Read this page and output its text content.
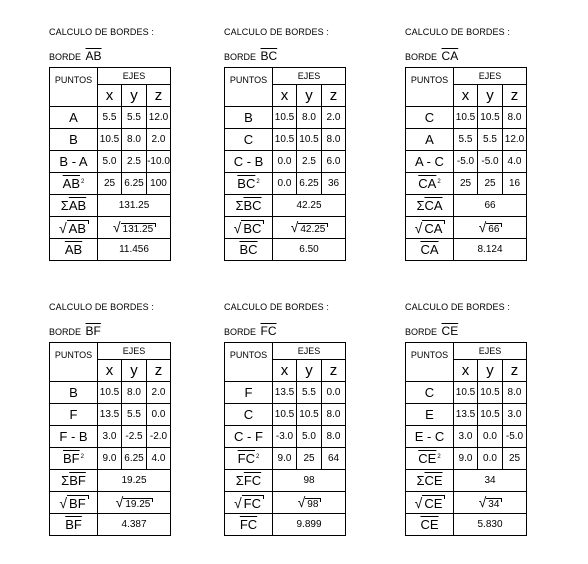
CALCULO DE BORDES :
BORDE $\overline{AB}$
PUNTOS	EJES		
	x	y	z
A	5.5	5.5	12.0
B	10.5	8.0	2.0
B - A	5.0	2.5	-10.0
$\overline{AB}^2$	25	6.25	100
$\Sigma\overline{AB}$	131.25		
√ AB	√ 131.25		
$\overline{AB}$	11.456		
CALCULO DE BORDES :
BORDE $\overline{BC}$
PUNTOS	EJES		
	x	y	z
B	10.5	8.0	2.0
C	10.5	10.5	8.0
C - B	0.0	2.5	6.0
$\overline{BC}^2$	0.0	6.25	36
$\Sigma\overline{BC}$	42.25		
√ BC	√ 42.25		
$\overline{BC}$	6.50		
CALCULO DE BORDES :
BORDE $\overline{CA}$
PUNTOS	EJES		
	x	y	z
C	10.5	10.5	8.0
A	5.5	5.5	12.0
A - C	-5.0	-5.0	4.0
$\overline{CA}^2$	25	25	16
$\Sigma\overline{CA}$	66		
√ CA	√ 66		
$\overline{CA}$	8.124		
CALCULO DE BORDES :
BORDE $\overline{BF}$
PUNTOS	EJES		
	x	y	z
B	10.5	8.0	2.0
F	13.5	5.5	0.0
F - B	3.0	-2.5	-2.0
$\overline{BF}^2$	9.0	6.25	4.0
$\Sigma\overline{BF}$	19.25		
√ BF	√ 19.25		
$\overline{BF}$	4.387		
CALCULO DE BORDES :
BORDE $\overline{FC}$
PUNTOS	EJES		
	x	y	z
F	13.5	5.5	0.0
C	10.5	10.5	8.0
C - F	-3.0	5.0	8.0
$\overline{FC}^2$	9.0	25	64
$\Sigma\overline{FC}$	98		
√ FC	√ 98		
$\overline{FC}$	9.899		
CALCULO DE BORDES :
BORDE $\overline{CE}$
PUNTOS	EJES		
	x	y	z
C	10.5	10.5	8.0
E	13.5	10.5	3.0
E - C	3.0	0.0	-5.0
$\overline{CE}^2$	9.0	0.0	25
$\Sigma\overline{CE}$	34		
√ CE	√ 34		
$\overline{CE}$	5.830		
